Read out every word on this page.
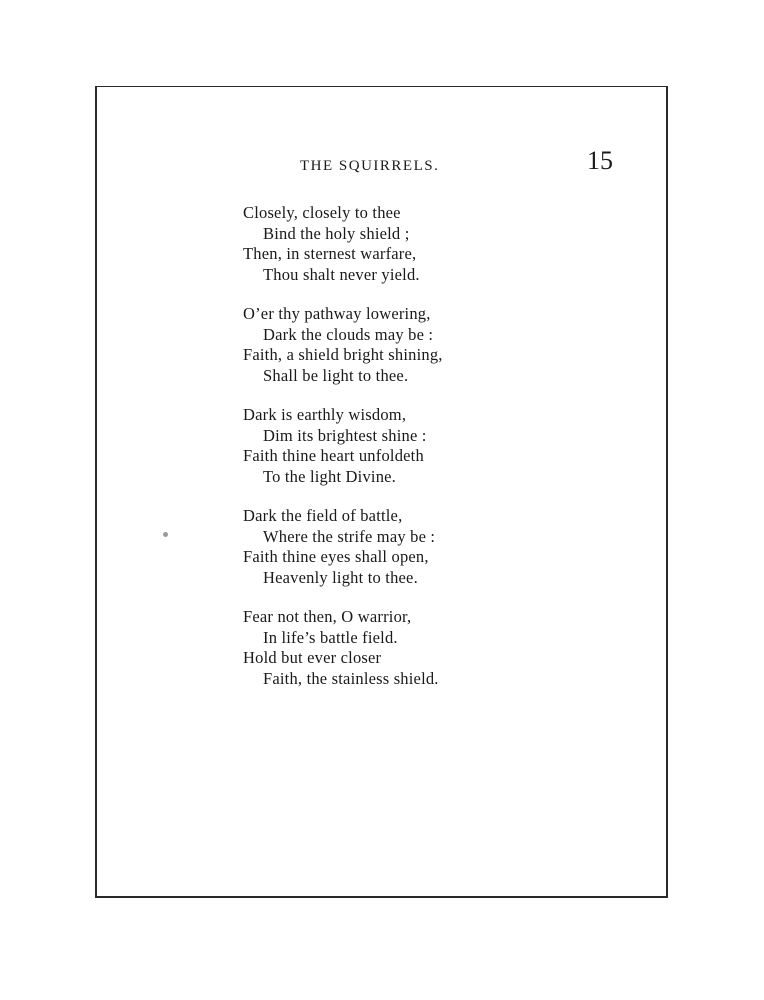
THE SQUIRRELS.	15
Closely, closely to thee
Bind the holy shield ;
Then, in sternest warfare,
Thou shalt never yield.
O’er thy pathway lowering,
Dark the clouds may be :
Faith, a shield bright shining,
Shall be light to thee.
Dark is earthly wisdom,
Dim its brightest shine :
Faith thine heart unfoldeth
To the light Divine.
Dark the field of battle,
Where the strife may be :
Faith thine eyes shall open,
Heavenly light to thee.
Fear not then, O warrior,
In life’s battle field.
Hold but ever closer
Faith, the stainless shield.
